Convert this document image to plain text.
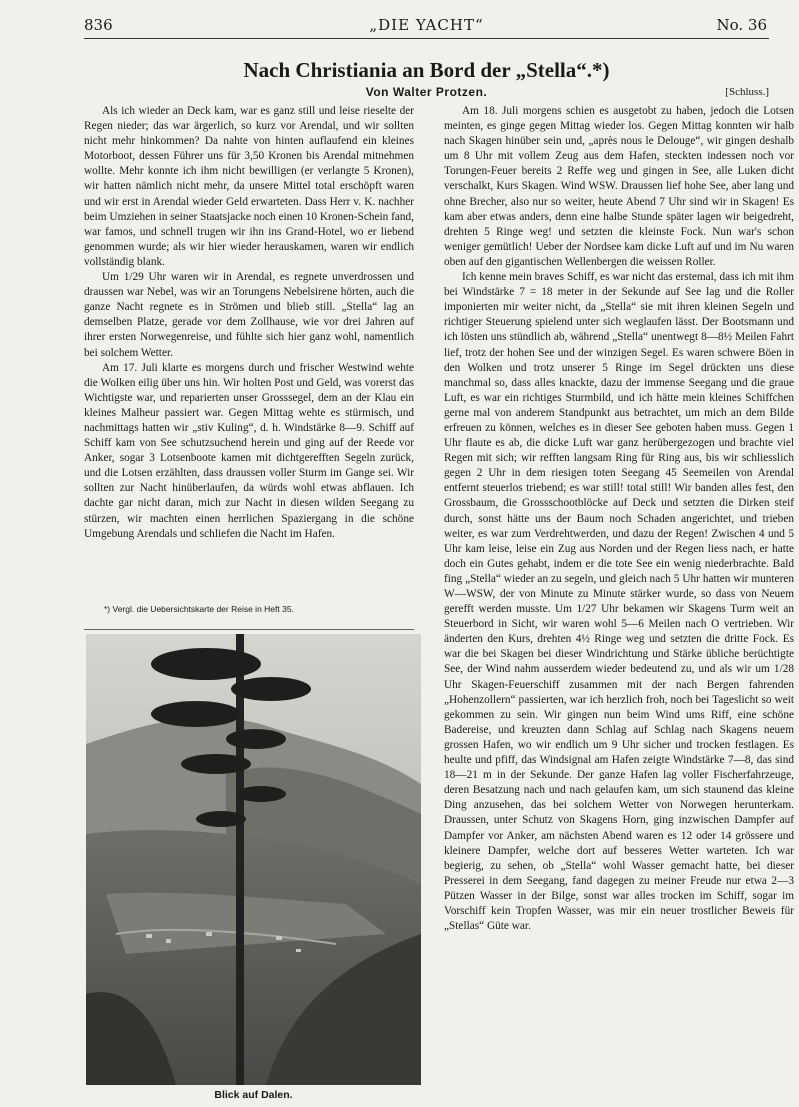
836	„DIE YACHT“	No. 36
Nach Christiania an Bord der „Stella“.*)
Von Walter Protzen.	[Schluss.]

Als ich wieder an Deck kam, war es ganz still und leise rieselte der Regen nieder; das war ärgerlich, so kurz vor Arendal, und wir sollten nicht mehr hinkommen? Da nahte von hinten auflaufend ein kleines Motorboot, dessen Führer uns für 3,50 Kronen bis Arendal mitnehmen wollte. Mehr konnte ich ihm nicht bewilligen (er verlangte 5 Kronen), wir hatten nämlich nicht mehr, da unsere Mittel total erschöpft waren und wir erst in Arendal wieder Geld erwarteten. Dass Herr v. K. nachher beim Umziehen in seiner Staatsjacke noch einen 10 Kronen-Schein fand, war famos, und schnell trugen wir ihn ins Grand-Hotel, wo er liebend genommen wurde; als wir hier wieder herauskamen, waren wir endlich vollständig blank.

Um 1/29 Uhr waren wir in Arendal, es regnete unverdrossen und draussen war Nebel, was wir an Torungens Nebelsirene hörten, auch die ganze Nacht regnete es in Strömen und blieb still. „Stella“ lag an demselben Platze, gerade vor dem Zollhause, wie vor drei Jahren auf ihrer ersten Norwegenreise, und fühlte sich hier ganz wohl, namentlich bei solchem Wetter.

Am 17. Juli klarte es morgens durch und frischer Westwind wehte die Wolken eilig über uns hin. Wir holten Post und Geld, was vorerst das Wichtigste war, und reparierten unser Grosssegel, dem an der Klau ein kleines Malheur passiert war. Gegen Mittag wehte es stürmisch, und nachmittags hatten wir „stiv Kuling“, d. h. Windstärke 8—9. Schiff auf Schiff kam von See schutzsuchend herein und ging auf der Reede vor Anker, sogar 3 Lotsenboote kamen mit dichtgerefften Segeln zurück, und die Lotsen erzählten, dass draussen voller Sturm im Gange sei. Wir sollten zur Nacht hinüberlaufen, da würds wohl etwas abflauen. Ich dachte gar nicht daran, mich zur Nacht in diesen wilden Seegang zu stürzen, wir machten einen herrlichen Spaziergang in die schöne Umgebung Arendals und schliefen die Nacht im Hafen.

*) Vergl. die Uebersichtskarte der Reise in Heft 35.
Blick auf Dalen.

Am 18. Juli morgens schien es ausgetobt zu haben, jedoch die Lotsen meinten, es ginge gegen Mittag wieder los. Gegen Mittag konnten wir halb nach Skagen hinüber sein und, „après nous le Delouge“, wir gingen deshalb um 8 Uhr mit vollem Zeug aus dem Hafen, steckten indessen noch vor Torungen-Feuer bereits 2 Reffe weg und gingen in See, alle Luken dicht verschalkt, Kurs Skagen. Wind WSW. Draussen lief hohe See, aber lang und ohne Brecher, also nur so weiter, heute Abend 7 Uhr sind wir in Skagen! Es kam aber etwas anders, denn eine halbe Stunde später lagen wir beigedreht, drehten 5 Ringe weg! und setzten die kleinste Fock. Nun war's schon weniger gemütlich! Ueber der Nordsee kam dicke Luft auf und im Nu waren oben auf den gigantischen Wellenbergen die weissen Roller.

Ich kenne mein braves Schiff, es war nicht das erstemal, dass ich mit ihm bei Windstärke 7 = 18 meter in der Sekunde auf See lag und die Roller imponierten mir weiter nicht, da „Stella“ sie mit ihren kleinen Segeln und richtiger Steuerung spielend unter sich weglaufen lässt. Der Bootsmann und ich lösten uns stündlich ab, während „Stella“ unentwegt 8—8½ Meilen Fahrt lief, trotz der hohen See und der winzigen Segel. Es waren schwere Böen in den Wolken und trotz unserer 5 Ringe im Segel drückten uns diese manchmal so, dass alles knackte, dazu der immense Seegang und die graue Luft, es war ein richtiges Sturmbild, und ich hätte mein kleines Schiffchen gerne mal von anderem Standpunkt aus betrachtet, um mich an dem Bilde erfreuen zu können, welches es in dieser See geboten haben muss. Gegen 1 Uhr flaute es ab, die dicke Luft war ganz herübergezogen und brachte viel Regen mit sich; wir refften langsam Ring für Ring aus, bis wir schliesslich gegen 2 Uhr in dem riesigen toten Seegang 45 Seemeilen von Arendal entfernt steuerlos triebend; es war still! total still! Wir banden alles fest, den Grossbaum, die Grossschootblöcke auf Deck und setzten die Dirken steif durch, sonst hätte uns der Baum noch Schaden angerichtet, und trieben weiter, es war zum Verdrehtwerden, und dazu der Regen! Zwischen 4 und 5 Uhr kam leise, leise ein Zug aus Norden und der Regen liess nach, er hatte doch ein Gutes gehabt, indem er die tote See ein wenig niederbrachte. Bald fing „Stella“ wieder an zu segeln, und gleich nach 5 Uhr hatten wir munteren W—WSW, der von Minute zu Minute stärker wurde, so dass von Neuem gerefft werden musste. Um 1/27 Uhr bekamen wir Skagens Turm weit an Steuerbord in Sicht, wir waren wohl 5—6 Meilen nach O vertrieben. Wir änderten den Kurs, drehten 4½ Ringe weg und setzten die dritte Fock. Es war die bei Skagen bei dieser Windrichtung und Stärke übliche berüchtigte See, der Wind nahm ausserdem wieder bedeutend zu, und als wir um 1/28 Uhr Skagen-Feuerschiff zusammen mit der nach Bergen fahrenden „Hohenzollern“ passierten, war ich herzlich froh, noch bei Tageslicht so weit gekommen zu sein. Wir gingen nun beim Wind ums Riff, eine schöne Badereise, und kreuzten dann Schlag auf Schlag nach Skagens neuem grossen Hafen, wo wir endlich um 9 Uhr sicher und trocken festlagen. Es heulte und pfiff, das Windsignal am Hafen zeigte Windstärke 7—8, das sind 18—21 m in der Sekunde. Der ganze Hafen lag voller Fischerfahrzeuge, deren Besatzung nach und nach gelaufen kam, um sich staunend das kleine Ding anzusehen, das bei solchem Wetter von Norwegen herunterkam. Draussen, unter Schutz von Skagens Horn, ging inzwischen Dampfer auf Dampfer vor Anker, am nächsten Abend waren es 12 oder 14 grössere und kleinere Dampfer, welche dort auf besseres Wetter warteten. Ich war begierig, zu sehen, ob „Stella“ wohl Wasser gemacht hatte, bei dieser Presserei in dem Seegang, fand dagegen zu meiner Freude nur etwa 2—3 Pützen Wasser in der Bilge, sonst war alles trocken im Schiff, sogar im Vorschiff kein Tropfen Wasser, was mir ein neuer trostlicher Beweis für „Stellas“ Güte war.
